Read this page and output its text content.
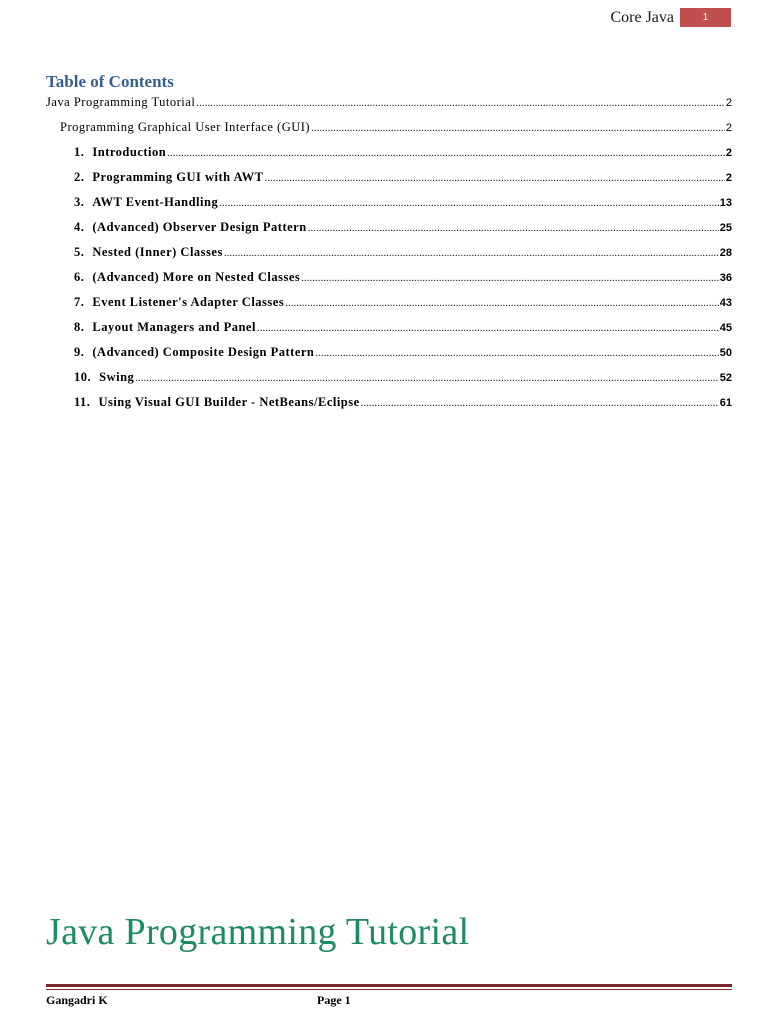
Core Java	1
Table of Contents
Java Programming Tutorial .....	2
Programming Graphical User Interface (GUI) .....	2
1. Introduction .....	2
2. Programming GUI with AWT .....	2
3. AWT Event-Handling .....	13
4. (Advanced) Observer Design Pattern .....	25
5. Nested (Inner) Classes .....	28
6. (Advanced) More on Nested Classes .....	36
7. Event Listener's Adapter Classes .....	43
8. Layout Managers and Panel .....	45
9. (Advanced) Composite Design Pattern .....	50
10. Swing .....	52
11. Using Visual GUI Builder - NetBeans/Eclipse .....	61
Java Programming Tutorial
Gangadri K	Page 1
